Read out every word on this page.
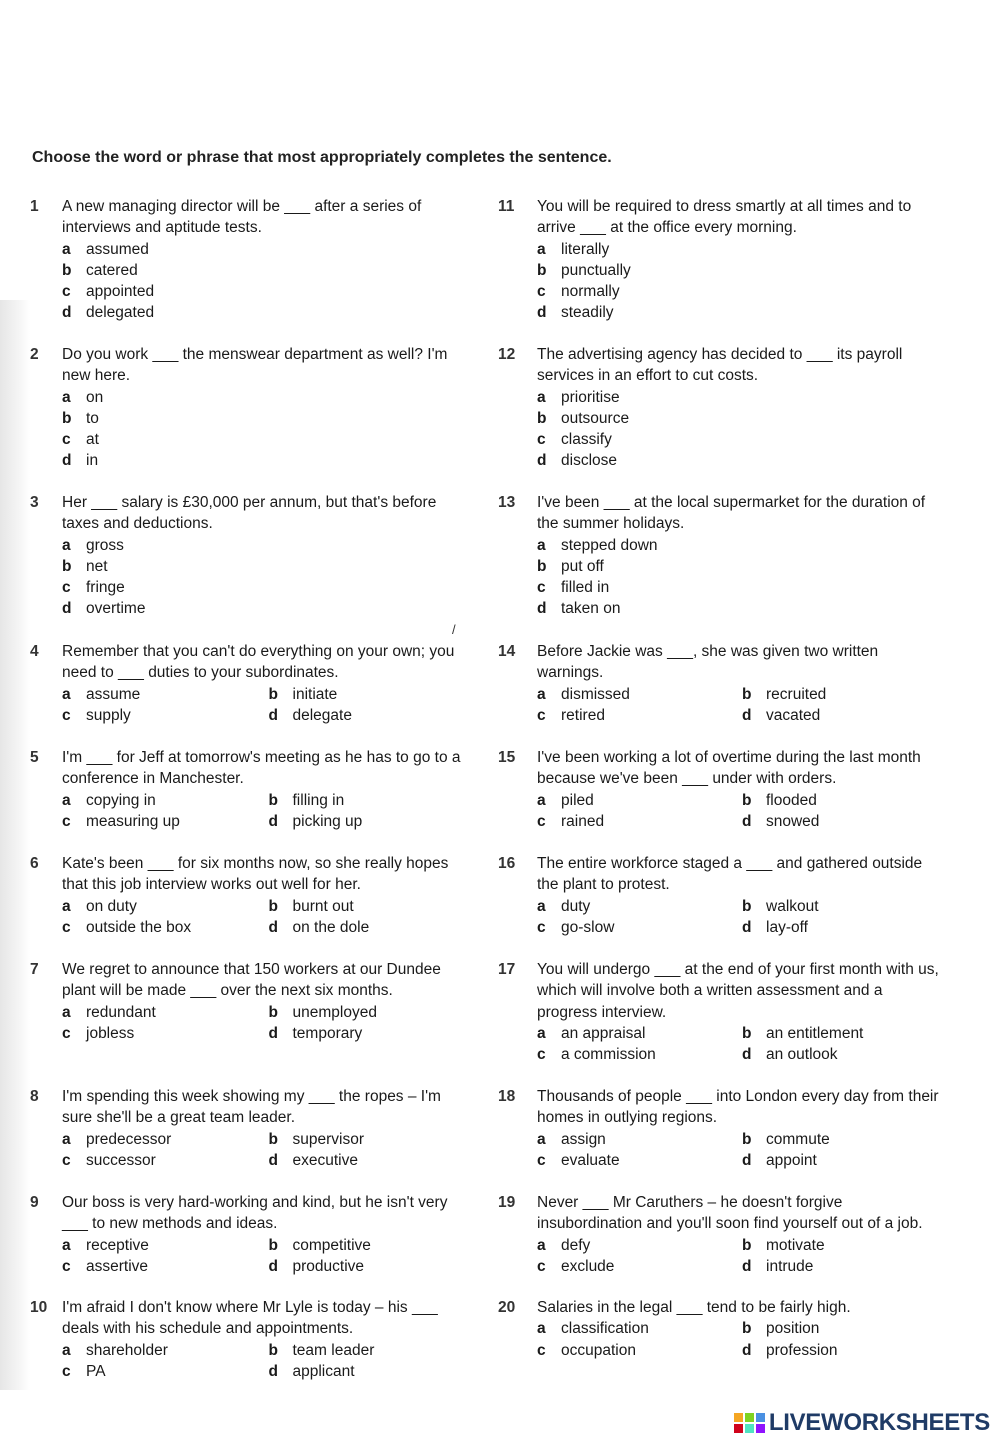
Choose the word or phrase that most appropriately completes the sentence.
/
1 A new managing director will be ___ after a series of interviews and aptitude tests.
a assumed
b catered
c appointed
d delegated
2 Do you work ___ the menswear department as well? I'm new here.
a on
b to
c at
d in
3 Her ___ salary is £30,000 per annum, but that's before taxes and deductions.
a gross
b net
c fringe
d overtime
4 Remember that you can't do everything on your own; you need to ___ duties to your subordinates.
a assume	b initiate
c supply	d delegate
5 I'm ___ for Jeff at tomorrow's meeting as he has to go to a conference in Manchester.
a copying in	b filling in
c measuring up	d picking up
6 Kate's been ___ for six months now, so she really hopes that this job interview works out well for her.
a on duty	b burnt out
c outside the box	d on the dole
7 We regret to announce that 150 workers at our Dundee plant will be made ___ over the next six months.
a redundant	b unemployed
c jobless	d temporary
8 I'm spending this week showing my ___ the ropes – I'm sure she'll be a great team leader.
a predecessor	b supervisor
c successor	d executive
9 Our boss is very hard-working and kind, but he isn't very ___ to new methods and ideas.
a receptive	b competitive
c assertive	d productive
10 I'm afraid I don't know where Mr Lyle is today – his ___ deals with his schedule and appointments.
a shareholder	b team leader
c PA	d applicant
11 You will be required to dress smartly at all times and to arrive ___ at the office every morning.
a literally
b punctually
c normally
d steadily
12 The advertising agency has decided to ___ its payroll services in an effort to cut costs.
a prioritise
b outsource
c classify
d disclose
13 I've been ___ at the local supermarket for the duration of the summer holidays.
a stepped down
b put off
c filled in
d taken on
14 Before Jackie was ___, she was given two written warnings.
a dismissed	b recruited
c retired	d vacated
15 I've been working a lot of overtime during the last month because we've been ___ under with orders.
a piled	b flooded
c rained	d snowed
16 The entire workforce staged a ___ and gathered outside the plant to protest.
a duty	b walkout
c go-slow	d lay-off
17 You will undergo ___ at the end of your first month with us, which will involve both a written assessment and a progress interview.
a an appraisal	b an entitlement
c a commission	d an outlook
18 Thousands of people ___ into London every day from their homes in outlying regions.
a assign	b commute
c evaluate	d appoint
19 Never ___ Mr Caruthers – he doesn't forgive insubordination and you'll soon find yourself out of a job.
a defy	b motivate
c exclude	d intrude
20 Salaries in the legal ___ tend to be fairly high.
a classification	b position
c occupation	d profession
LIVEWORKSHEETS
